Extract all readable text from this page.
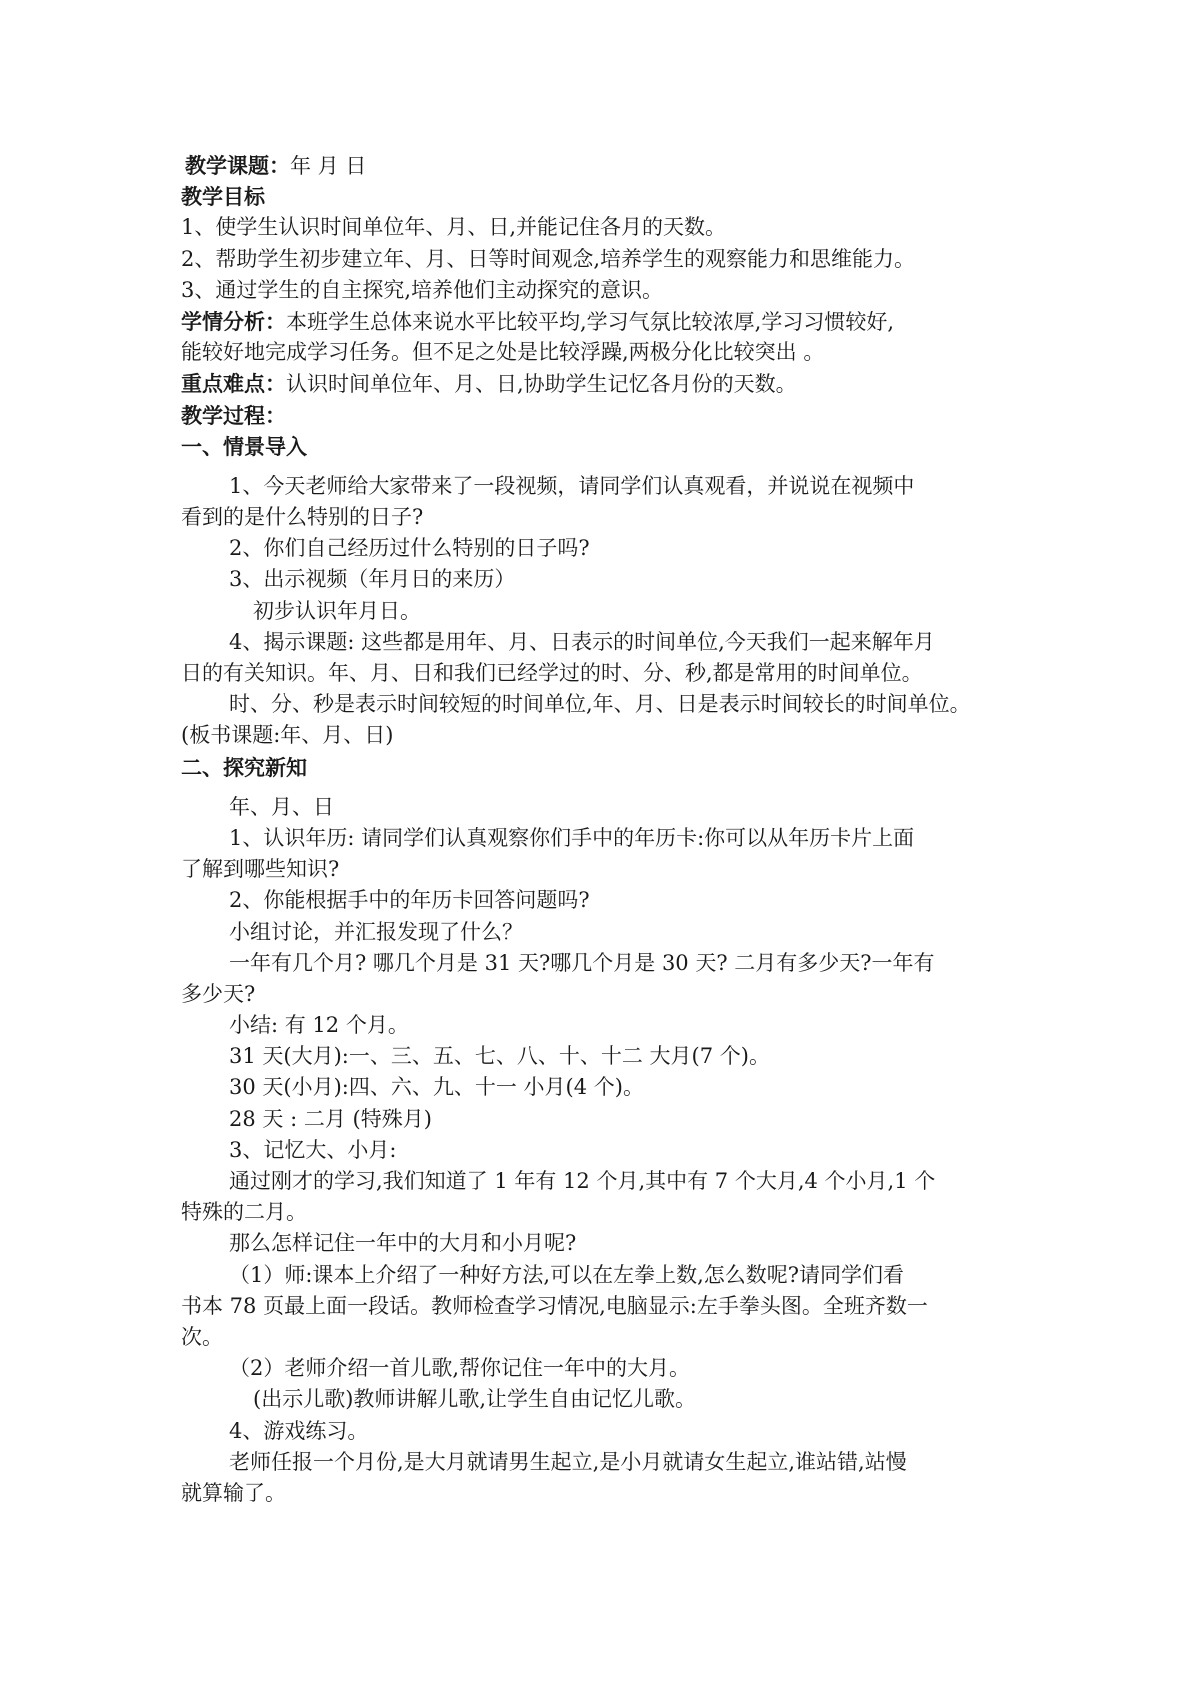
教学课题：年 月 日
教学目标
1、使学生认识时间单位年、月、日,并能记住各月的天数。
2、帮助学生初步建立年、月、日等时间观念,培养学生的观察能力和思维能力。
3、通过学生的自主探究,培养他们主动探究的意识。
学情分析：本班学生总体来说水平比较平均,学习气氛比较浓厚,学习习惯较好,
能较好地完成学习任务。但不足之处是比较浮躁,两极分化比较突出 。
重点难点：认识时间单位年、月、日,协助学生记忆各月份的天数。
教学过程：
一、情景导入
1、今天老师给大家带来了一段视频，请同学们认真观看，并说说在视频中
看到的是什么特别的日子?
2、你们自己经历过什么特别的日子吗?
3、出示视频（年月日的来历）
初步认识年月日。
4、揭示课题: 这些都是用年、月、日表示的时间单位,今天我们一起来解年月
日的有关知识。年、月、日和我们已经学过的时、分、秒,都是常用的时间单位。
时、分、秒是表示时间较短的时间单位,年、月、日是表示时间较长的时间单位。
(板书课题:年、月、日)
二、探究新知
年、月、日
1、认识年历: 请同学们认真观察你们手中的年历卡:你可以从年历卡片上面
了解到哪些知识?
2、你能根据手中的年历卡回答问题吗?
小组讨论，并汇报发现了什么？
一年有几个月? 哪几个月是 31 天?哪几个月是 30 天? 二月有多少天?一年有
多少天?
小结: 有 12 个月。
31 天(大月):一、三、五、七、八、十、十二 大月(7 个)。
30 天(小月):四、六、九、十一 小月(4 个)。
28 天 : 二月 (特殊月)
3、记忆大、小月:
通过刚才的学习,我们知道了 1 年有 12 个月,其中有 7 个大月,4 个小月,1 个
特殊的二月。
那么怎样记住一年中的大月和小月呢?
（1）师:课本上介绍了一种好方法,可以在左拳上数,怎么数呢?请同学们看
书本 78 页最上面一段话。教师检查学习情况,电脑显示:左手拳头图。全班齐数一
次。
（2）老师介绍一首儿歌,帮你记住一年中的大月。
(出示儿歌)教师讲解儿歌,让学生自由记忆儿歌。
4、游戏练习。
老师任报一个月份,是大月就请男生起立,是小月就请女生起立,谁站错,站慢
就算输了。
